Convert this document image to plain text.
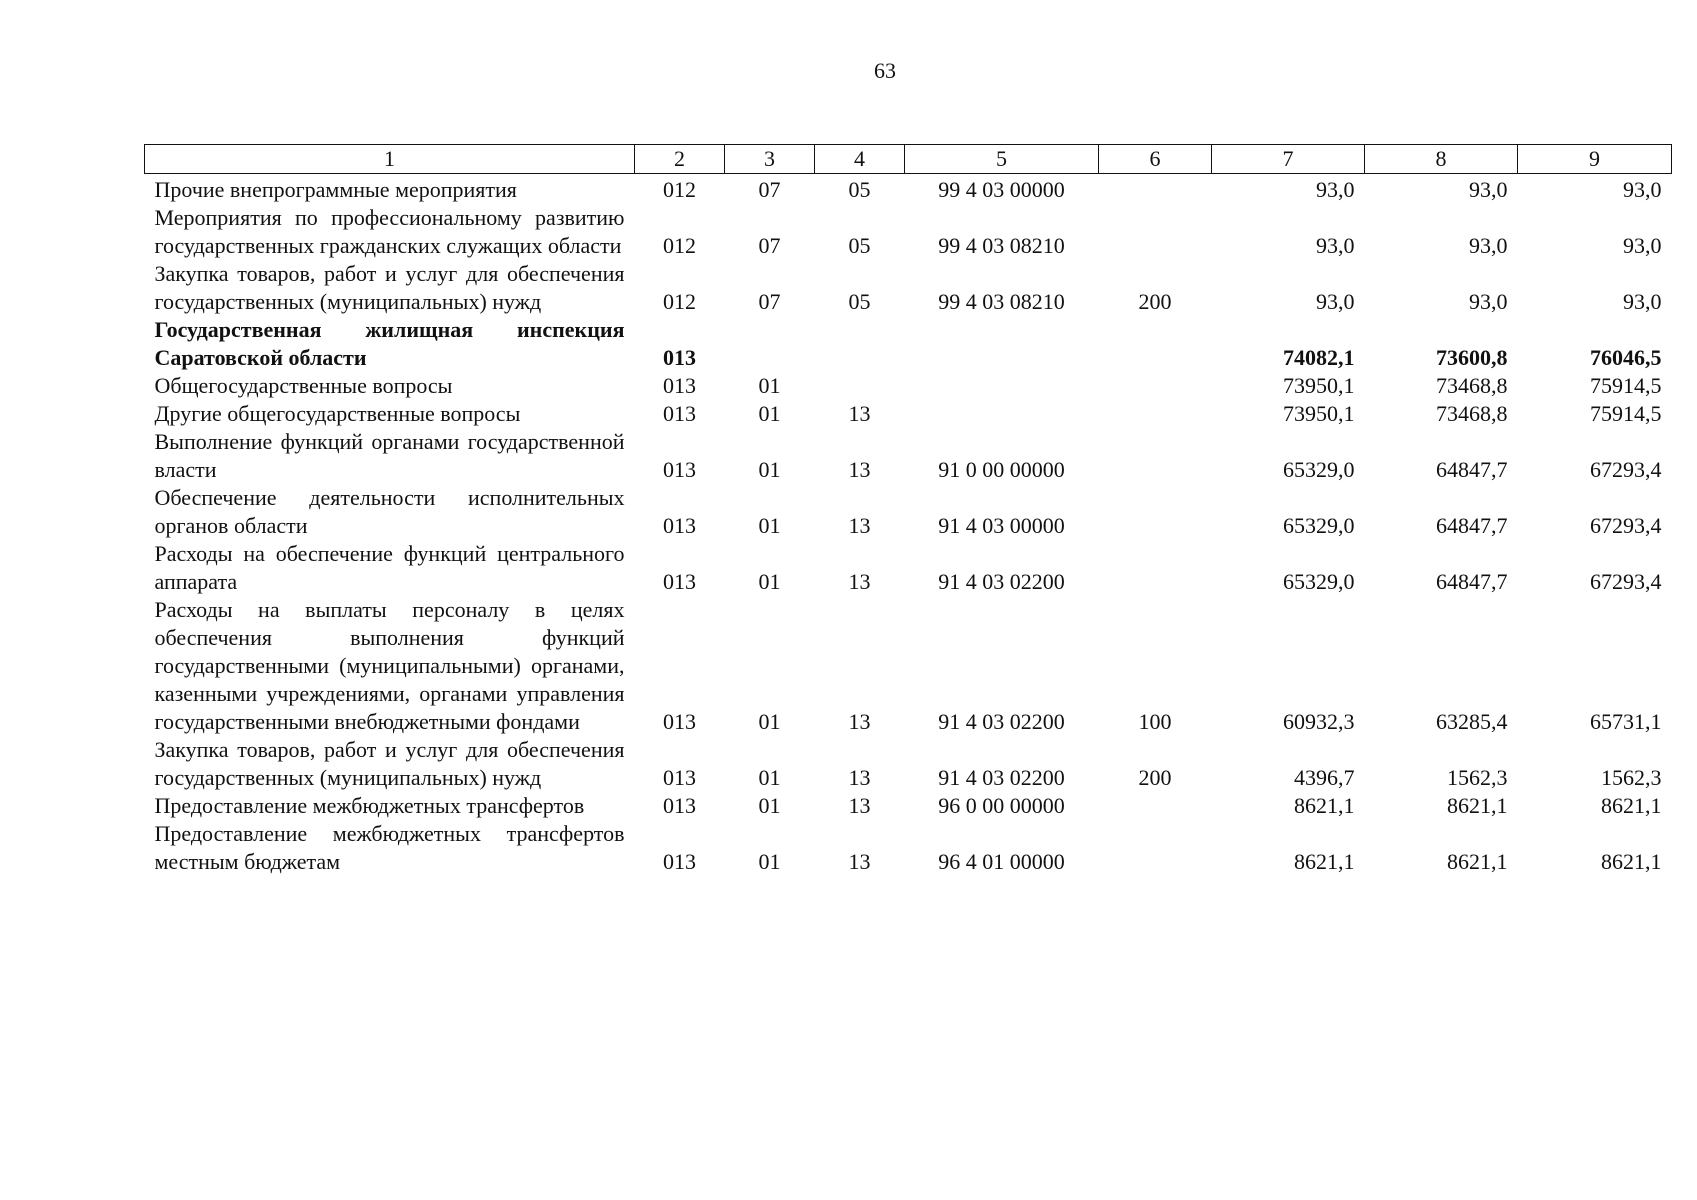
63
1	2	3	4	5	6	7	8	9
Прочие внепрограммные мероприятия	012	07	05	99 4 03 00000		93,0	93,0	93,0
Мероприятия по профессиональному развитию государственных гражданских служащих области	012	07	05	99 4 03 08210		93,0	93,0	93,0
Закупка товаров, работ и услуг для обеспечения государственных (муниципальных) нужд	012	07	05	99 4 03 08210	200	93,0	93,0	93,0
Государственная жилищная инспекция Саратовской области	013					74082,1	73600,8	76046,5
Общегосударственные вопросы	013	01				73950,1	73468,8	75914,5
Другие общегосударственные вопросы	013	01	13			73950,1	73468,8	75914,5
Выполнение функций органами государственной власти	013	01	13	91 0 00 00000		65329,0	64847,7	67293,4
Обеспечение деятельности исполнительных органов области	013	01	13	91 4 03 00000		65329,0	64847,7	67293,4
Расходы на обеспечение функций центрального аппарата	013	01	13	91 4 03 02200		65329,0	64847,7	67293,4
Расходы на выплаты персоналу в целях обеспечения выполнения функций государственными (муниципальными) органами, казенными учреждениями, органами управления государственными внебюджетными фондами	013	01	13	91 4 03 02200	100	60932,3	63285,4	65731,1
Закупка товаров, работ и услуг для обеспечения государственных (муниципальных) нужд	013	01	13	91 4 03 02200	200	4396,7	1562,3	1562,3
Предоставление межбюджетных трансфертов	013	01	13	96 0 00 00000		8621,1	8621,1	8621,1
Предоставление межбюджетных трансфертов местным бюджетам	013	01	13	96 4 01 00000		8621,1	8621,1	8621,1
